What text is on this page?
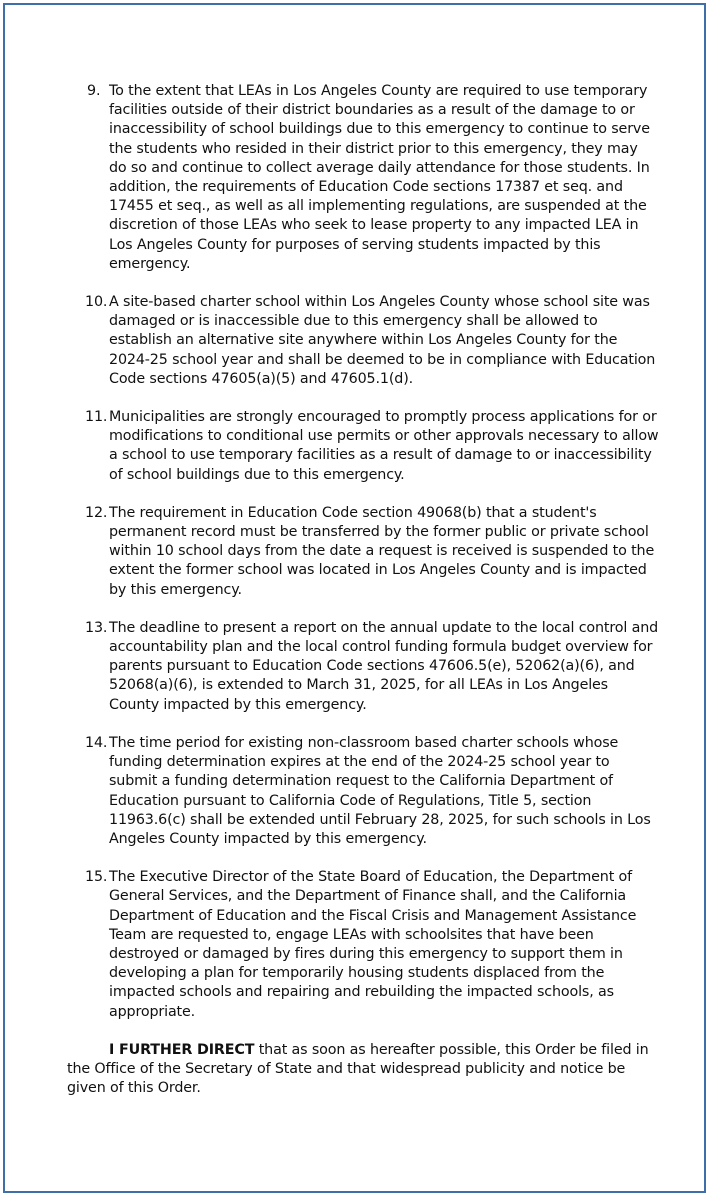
9. To the extent that LEAs in Los Angeles County are required to use temporary facilities outside of their district boundaries as a result of the damage to or inaccessibility of school buildings due to this emergency to continue to serve the students who resided in their district prior to this emergency, they may do so and continue to collect average daily attendance for those students. In addition, the requirements of Education Code sections 17387 et seq. and 17455 et seq., as well as all implementing regulations, are suspended at the discretion of those LEAs who seek to lease property to any impacted LEA in Los Angeles County for purposes of serving students impacted by this emergency.
10. A site-based charter school within Los Angeles County whose school site was damaged or is inaccessible due to this emergency shall be allowed to establish an alternative site anywhere within Los Angeles County for the 2024-25 school year and shall be deemed to be in compliance with Education Code sections 47605(a)(5) and 47605.1(d).
11. Municipalities are strongly encouraged to promptly process applications for or modifications to conditional use permits or other approvals necessary to allow a school to use temporary facilities as a result of damage to or inaccessibility of school buildings due to this emergency.
12. The requirement in Education Code section 49068(b) that a student's permanent record must be transferred by the former public or private school within 10 school days from the date a request is received is suspended to the extent the former school was located in Los Angeles County and is impacted by this emergency.
13. The deadline to present a report on the annual update to the local control and accountability plan and the local control funding formula budget overview for parents pursuant to Education Code sections 47606.5(e), 52062(a)(6), and 52068(a)(6), is extended to March 31, 2025, for all LEAs in Los Angeles County impacted by this emergency.
14. The time period for existing non-classroom based charter schools whose funding determination expires at the end of the 2024-25 school year to submit a funding determination request to the California Department of Education pursuant to California Code of Regulations, Title 5, section 11963.6(c) shall be extended until February 28, 2025, for such schools in Los Angeles County impacted by this emergency.
15. The Executive Director of the State Board of Education, the Department of General Services, and the Department of Finance shall, and the California Department of Education and the Fiscal Crisis and Management Assistance Team are requested to, engage LEAs with schoolsites that have been destroyed or damaged by fires during this emergency to support them in developing a plan for temporarily housing students displaced from the impacted schools and repairing and rebuilding the impacted schools, as appropriate.

I FURTHER DIRECT that as soon as hereafter possible, this Order be filed in the Office of the Secretary of State and that widespread publicity and notice be given of this Order.
